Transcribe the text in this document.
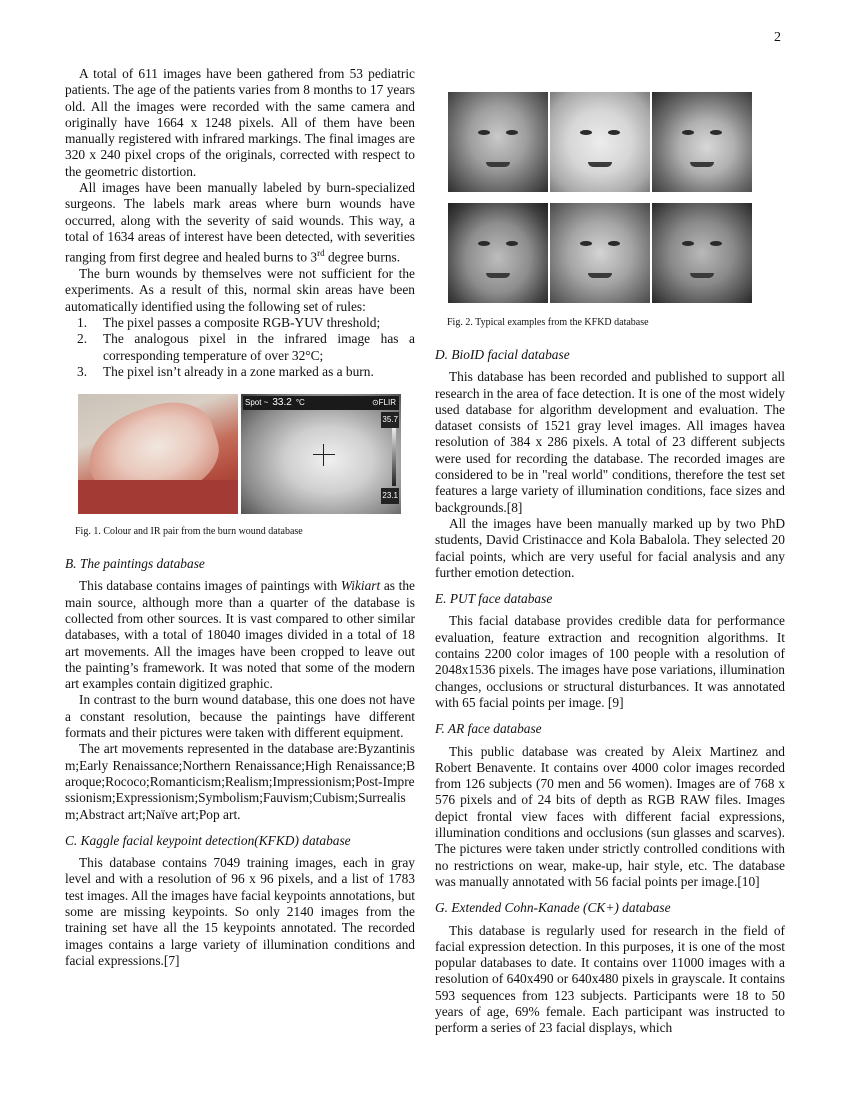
2

A total of 611 images have been gathered from 53 pediatric patients. The age of the patients varies from 8 months to 17 years old. All the images were recorded with the same camera and originally have 1664 x 1248 pixels. All of them have been manually registered with infrared markings. The final images are 320 x 240 pixel crops of the originals, corrected with respect to the geometric distortion.

All images have been manually labeled by burn-specialized surgeons. The labels mark areas where burn wounds have occurred, along with the severity of said wounds. This way, a total of 1634 areas of interest have been detected, with severities ranging from first degree and healed burns to 3rd degree burns.

The burn wounds by themselves were not sufficient for the experiments. As a result of this, normal skin areas have been automatically identified using the following set of rules:

1.	The pixel passes a composite RGB-YUV threshold;
2.	The analogous pixel in the infrared image has a corresponding temperature of over 32°C;
3.	The pixel isn’t already in a zone marked as a burn.
Spot ~ 33.2 °C	⊙FLIR
35.7
23.1

Fig. 1. Colour and IR pair from the burn wound database

B. The paintings database

This database contains images of paintings with Wikiart as the main source, although more than a quarter of the database is collected from other sources. It is vast compared to other similar databases, with a total of 18040 images divided in a total of 18 art movements. All the images have been cropped to leave out the painting’s framework. It was noted that some of the modern art examples contain digitized graphic.

In contrast to the burn wound database, this one does not have a constant resolution, because the paintings have different formats and their pictures were taken with different equipment.

The art movements represented in the database are:Byzantinism;Early Renaissance;Northern Renaissance;High Renaissance;Baroque;Rococo;Romanticism;Realism;Impressionism;Post-Impressionism;Expressionism;Symbolism;Fauvism;Cubism;Surrealism;Abstract art;Naïve art;Pop art.

C. Kaggle facial keypoint detection(KFKD) database

This database contains 7049 training images, each in gray level and with a resolution of 96 x 96 pixels, and a list of 1783 test images. All the images have facial keypoints annotations, but some are missing keypoints. So only 2140 images from the training set have all the 15 keypoints annotated. The recorded images contains a large variety of illumination conditions and facial expressions.[7]

Fig. 2. Typical examples from the KFKD database

D. BioID facial database

This database has been recorded and published to support all research in the area of face detection. It is one of the most widely used database for algorithm development and evaluation. The dataset consists of 1521 gray level images. All images havea resolution of 384 x 286 pixels. A total of 23 different subjects were used for recording the database. The recorded images are considered to be in "real world" conditions, therefore the test set features a large variety of illumination conditions, face sizes and backgrounds.[8]

All the images have been manually marked up by two PhD students, David Cristinacce and Kola Babalola. They selected 20 facial points, which are very useful for facial analysis and any further emotion detection.

E. PUT face database

This facial database provides credible data for performance evaluation, feature extraction and recognition algorithms. It contains 2200 color images of 100 people with a resolution of 2048x1536 pixels. The images have pose variations, illumination changes, occlusions or structural disturbances. It was annotated with 65 facial points per image. [9]

F. AR face database

This public database was created by Aleix Martinez and Robert Benavente. It contains over 4000 color images recorded from 126 subjects (70 men and 56 women). Images are of 768 x 576 pixels and of 24 bits of depth as RGB RAW files. Images depict frontal view faces with different facial expressions, illumination conditions and occlusions (sun glasses and scarves). The pictures were taken under strictly controlled conditions with no restrictions on wear, make-up, hair style, etc. The database was manually annotated with 56 facial points per image.[10]

G. Extended Cohn-Kanade (CK+) database

This database is regularly used for research in the field of facial expression detection. In this purposes, it is one of the most popular databases to date. It contains over 11000 images with a resolution of 640x490 or 640x480 pixels in grayscale. It contains 593 sequences from 123 subjects. Participants were 18 to 50 years of age, 69% female. Each participant was instructed to perform a series of 23 facial displays, which
